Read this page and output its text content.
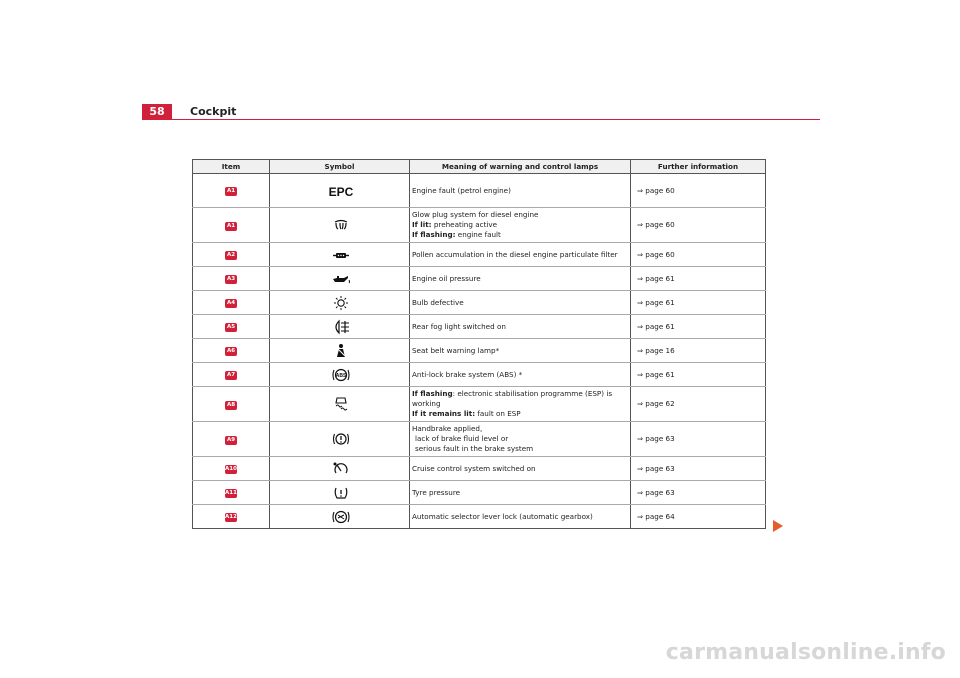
58	Cockpit
Item	Symbol	Meaning of warning and control lamps	Further information
A1	EPC	Engine fault (petrol engine)	⇒ page 60
A1		Glow plug system for diesel engine
If lit: preheating active
If flashing: engine fault	⇒ page 60
A2		Pollen accumulation in the diesel engine particulate filter	⇒ page 60
A3		Engine oil pressure	⇒ page 61
A4		Bulb defective	⇒ page 61
A5		Rear fog light switched on	⇒ page 61
A6		Seat belt warning lamp*	⇒ page 16
A7	ABS	Anti-lock brake system (ABS) *	⇒ page 61
A8		If flashing: electronic stabilisation programme (ESP) is working
If it remains lit: fault on ESP	⇒ page 62
A9		Handbrake applied,
lack of brake fluid level or
serious fault in the brake system	⇒ page 63
A10		Cruise control system switched on	⇒ page 63
A11		Tyre pressure	⇒ page 63
A12		Automatic selector lever lock (automatic gearbox)	⇒ page 64
carmanualsonline.info
